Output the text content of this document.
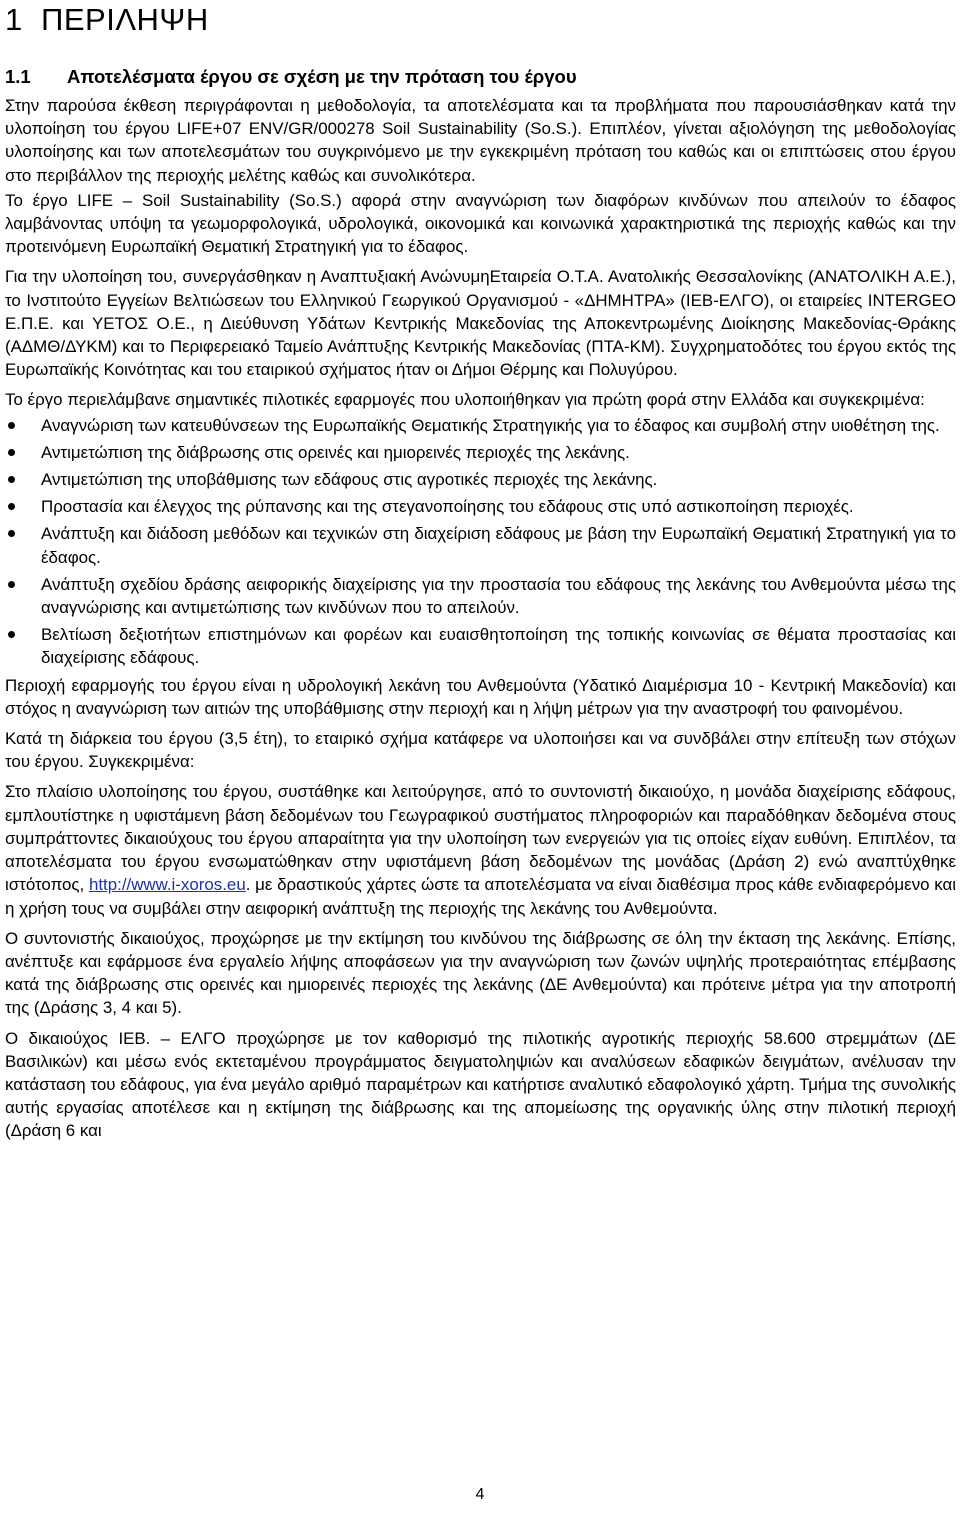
1 ΠΕΡΙΛΗΨΗ
1.1 Αποτελέσματα έργου σε σχέση με την πρόταση του έργου

Στην παρούσα έκθεση περιγράφονται η μεθοδολογία, τα αποτελέσματα και τα προβλήματα που παρουσιάσθηκαν κατά την υλοποίηση του έργου LIFE+07 ENV/GR/000278 Soil Sustainability (So.S.). Επιπλέον, γίνεται αξιολόγηση της μεθοδολογίας υλοποίησης και των αποτελεσμάτων του συγκρινόμενο με την εγκεκριμένη πρόταση του καθώς και οι επιπτώσεις στου έργου στο περιβάλλον της περιοχής μελέτης καθώς και συνολικότερα.

Το έργο LIFE – Soil Sustainability (So.S.) αφορά στην αναγνώριση των διαφόρων κινδύνων που απειλούν το έδαφος λαμβάνοντας υπόψη τα γεωμορφολογικά, υδρολογικά, οικονομικά και κοινωνικά χαρακτηριστικά της περιοχής καθώς και την προτεινόμενη Ευρωπαϊκή Θεματική Στρατηγική για το έδαφος.

Για την υλοποίηση του, συνεργάσθηκαν η Αναπτυξιακή ΑνώνυμηΕταιρεία Ο.Τ.Α. Ανατολικής Θεσσαλονίκης (ΑΝΑΤΟΛΙΚΗ Α.Ε.), το Ινστιτούτο Εγγείων Βελτιώσεων του Ελληνικού Γεωργικού Οργανισμού - «ΔΗΜΗΤΡΑ» (ΙΕΒ-ΕΛΓΟ), οι εταιρείες INTERGEO Ε.Π.Ε. και ΥΕΤΟΣ Ο.Ε., η Διεύθυνση Υδάτων Κεντρικής Μακεδονίας της Αποκεντρωμένης Διοίκησης Μακεδονίας-Θράκης (ΑΔΜΘ/ΔΥΚΜ) και το Περιφερειακό Ταμείο Ανάπτυξης Κεντρικής Μακεδονίας (ΠΤΑ-ΚΜ). Συγχρηματοδότες του έργου εκτός της Ευρωπαϊκής Κοινότητας και του εταιρικού σχήματος ήταν οι Δήμοι Θέρμης και Πολυγύρου.

Το έργο περιελάμβανε σημαντικές πιλοτικές εφαρμογές που υλοποιήθηκαν για πρώτη φορά στην Ελλάδα και συγκεκριμένα:

Αναγνώριση των κατευθύνσεων της Ευρωπαϊκής Θεματικής Στρατηγικής για το έδαφος και συμβολή στην υιοθέτηση της.
Αντιμετώπιση της διάβρωσης στις ορεινές και ημιορεινές περιοχές της λεκάνης.
Αντιμετώπιση της υποβάθμισης των εδάφους στις αγροτικές περιοχές της λεκάνης.
Προστασία και έλεγχος της ρύπανσης και της στεγανοποίησης του εδάφους στις υπό αστικοποίηση περιοχές.
Ανάπτυξη και διάδοση μεθόδων και τεχνικών στη διαχείριση εδάφους με βάση την Ευρωπαϊκή Θεματική Στρατηγική για το έδαφος.
Ανάπτυξη σχεδίου δράσης αειφορικής διαχείρισης για την προστασία του εδάφους της λεκάνης του Ανθεμούντα μέσω της αναγνώρισης και αντιμετώπισης των κινδύνων που το απειλούν.
Βελτίωση δεξιοτήτων επιστημόνων και φορέων και ευαισθητοποίηση της τοπικής κοινωνίας σε θέματα προστασίας και διαχείρισης εδάφους.

Περιοχή εφαρμογής του έργου είναι η υδρολογική λεκάνη του Ανθεμούντα (Υδατικό Διαμέρισμα 10 - Κεντρική Μακεδονία) και στόχος η αναγνώριση των αιτιών της υποβάθμισης στην περιοχή και η λήψη μέτρων για την αναστροφή του φαινομένου.

Κατά τη διάρκεια του έργου (3,5 έτη), το εταιρικό σχήμα κατάφερε να υλοποιήσει και να συνδβάλει στην επίτευξη των στόχων του έργου. Συγκεκριμένα:

Στο πλαίσιο υλοποίησης του έργου, συστάθηκε και λειτούργησε, από το συντονιστή δικαιούχο, η μονάδα διαχείρισης εδάφους, εμπλουτίστηκε η υφιστάμενη βάση δεδομένων του Γεωγραφικού συστήματος πληροφοριών και παραδόθηκαν δεδομένα στους συμπράττοντες δικαιούχους του έργου απαραίτητα για την υλοποίηση των ενεργειών για τις οποίες είχαν ευθύνη. Επιπλέον, τα αποτελέσματα του έργου ενσωματώθηκαν στην υφιστάμενη βάση δεδομένων της μονάδας (Δράση 2) ενώ αναπτύχθηκε ιστότοπος, http://www.i-xoros.eu. με δραστικούς χάρτες ώστε τα αποτελέσματα να είναι διαθέσιμα προς κάθε ενδιαφερόμενο και η χρήση τους να συμβάλει στην αειφορική ανάπτυξη της περιοχής της λεκάνης του Ανθεμούντα.

Ο συντονιστής δικαιούχος, προχώρησε με την εκτίμηση του κινδύνου της διάβρωσης σε όλη την έκταση της λεκάνης. Επίσης, ανέπτυξε και εφάρμοσε ένα εργαλείο λήψης αποφάσεων για την αναγνώριση των ζωνών υψηλής προτεραιότητας επέμβασης κατά της διάβρωσης στις ορεινές και ημιορεινές περιοχές της λεκάνης (ΔΕ Ανθεμούντα) και πρότεινε μέτρα για την αποτροπή της (Δράσης 3, 4 και 5).

Ο δικαιούχος ΙΕΒ. – ΕΛΓΟ προχώρησε με τον καθορισμό της πιλοτικής αγροτικής περιοχής 58.600 στρεμμάτων (ΔΕ Βασιλικών) και μέσω ενός εκτεταμένου προγράμματος δειγματοληψιών και αναλύσεων εδαφικών δειγμάτων, ανέλυσαν την κατάσταση του εδάφους, για ένα μεγάλο αριθμό παραμέτρων και κατήρτισε αναλυτικό εδαφολογικό χάρτη. Τμήμα της συνολικής αυτής εργασίας αποτέλεσε και η εκτίμηση της διάβρωσης και της απομείωσης της οργανικής ύλης στην πιλοτική περιοχή (Δράση 6 και

4
